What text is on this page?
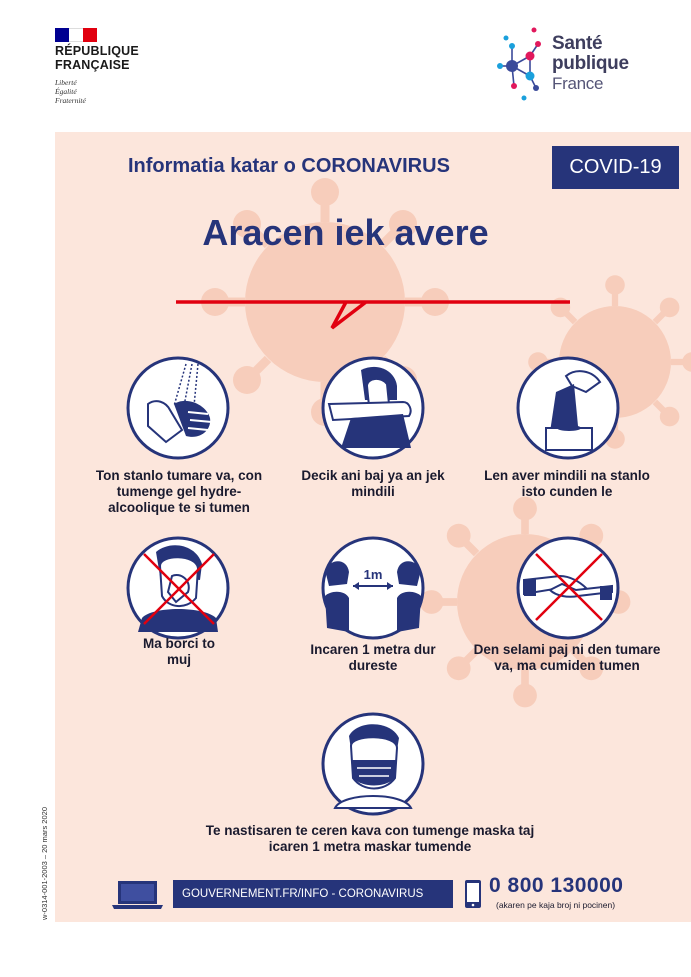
RÉPUBLIQUE
FRANÇAISE
Liberté
Égalité
Fraternité
Santé
publique
France
Informatia katar o CORONAVIRUS	COVID-19
Aracen iek avere
Ton stanlo tumare va, con tumenge gel hydre-alcoolique te si tumen
Decik ani baj ya an jek mindili
Len aver mindili na stanlo isto cunden le
1m
Ma borci to muj
Incaren 1 metra dur dureste
Den selami paj ni den tumare va, ma cumiden tumen
Te nastisaren te ceren kava con tumenge maska taj icaren 1 metra maskar tumende
GOUVERNEMENT.FR/INFO - CORONAVIRUS	0 800 130000
(akaren pe kaja broj ni pocinen)
w-0314-001-2003 – 20 mars 2020
